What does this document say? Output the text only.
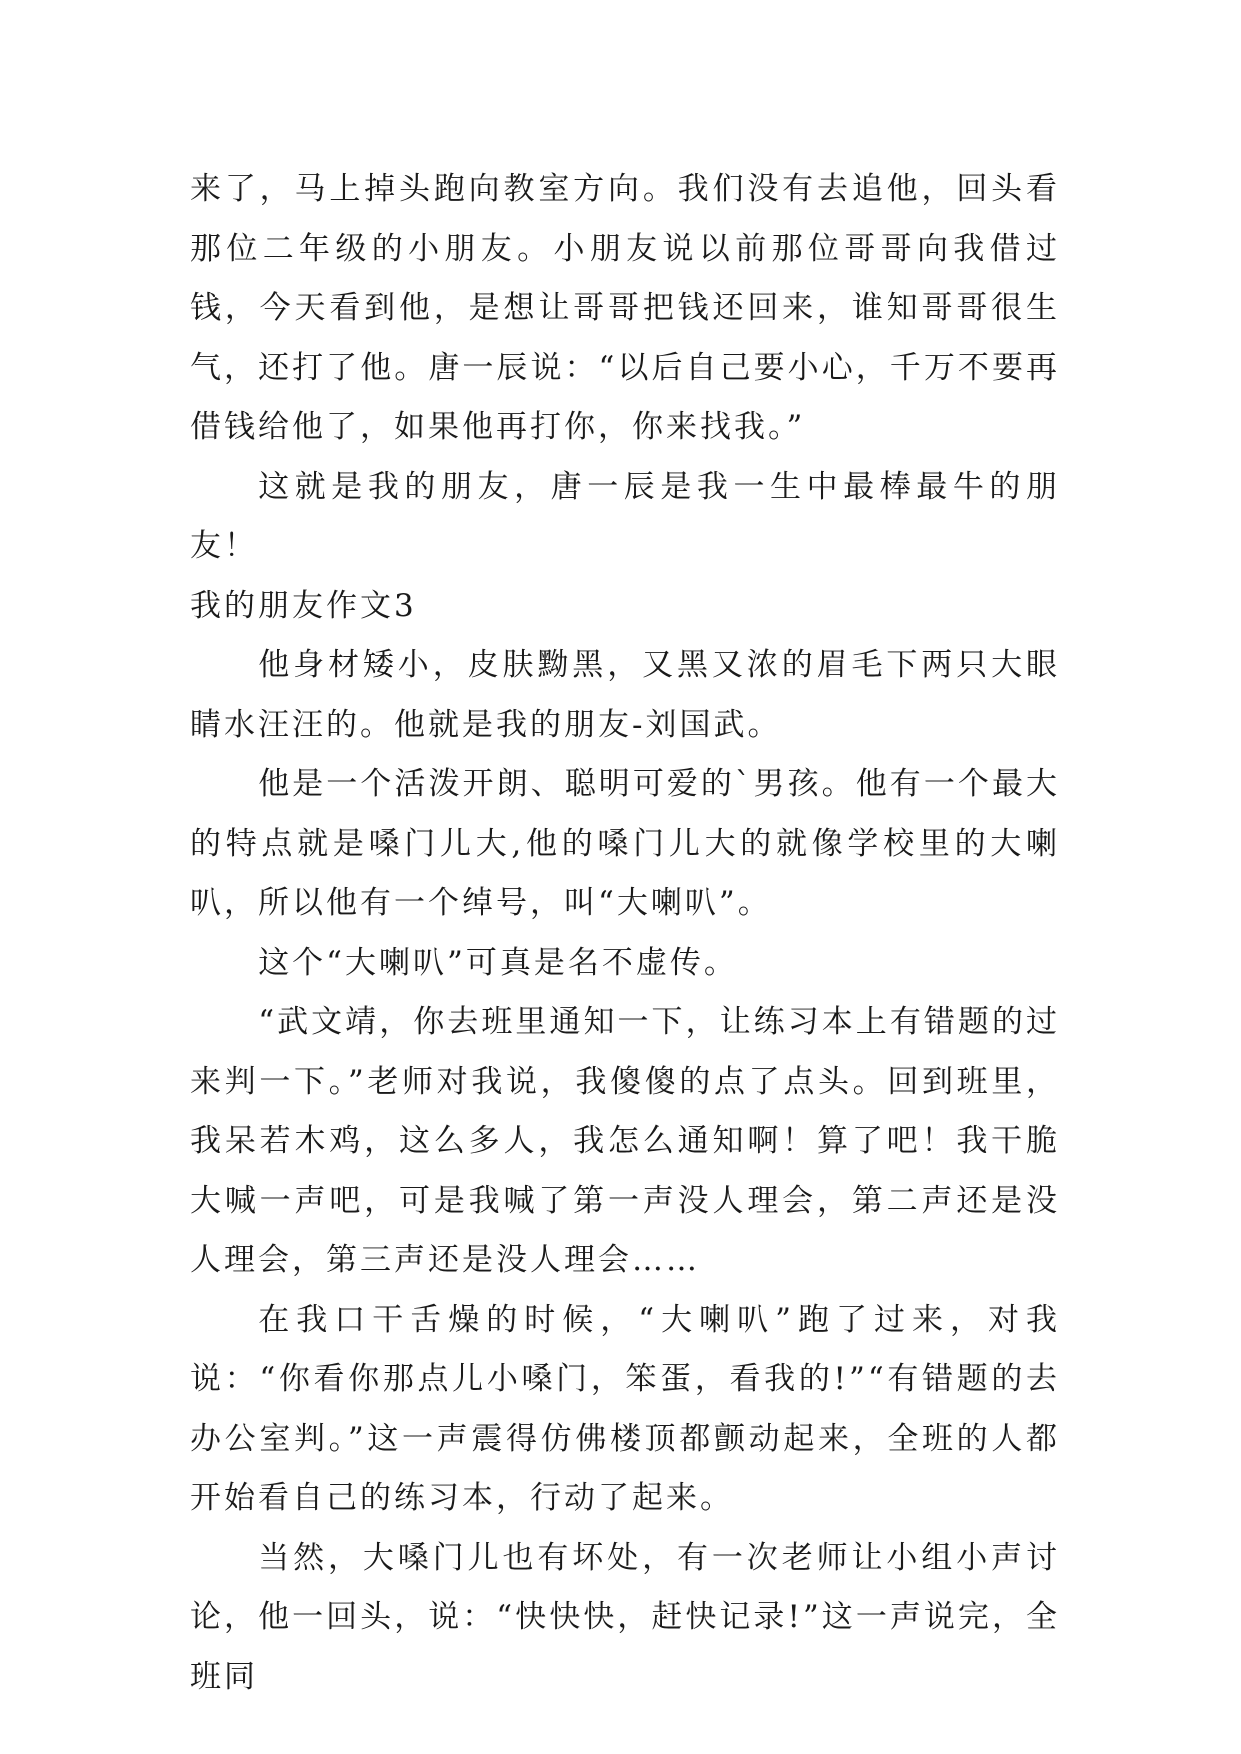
来了，马上掉头跑向教室方向。我们没有去追他，回头看那位二年级的小朋友。小朋友说以前那位哥哥向我借过钱，今天看到他，是想让哥哥把钱还回来，谁知哥哥很生气，还打了他。唐一辰说：“以后自己要小心，千万不要再借钱给他了，如果他再打你，你来找我。”

这就是我的朋友，唐一辰是我一生中最棒最牛的朋友！

我的朋友作文3

他身材矮小，皮肤黝黑，又黑又浓的眉毛下两只大眼睛水汪汪的。他就是我的朋友-刘国武。

他是一个活泼开朗、聪明可爱的`男孩。他有一个最大的特点就是嗓门儿大,他的嗓门儿大的就像学校里的大喇叭，所以他有一个绰号，叫“大喇叭”。

这个“大喇叭”可真是名不虚传。

“武文靖，你去班里通知一下，让练习本上有错题的过来判一下。”老师对我说，我傻傻的点了点头。回到班里，我呆若木鸡，这么多人，我怎么通知啊！算了吧！我干脆大喊一声吧，可是我喊了第一声没人理会，第二声还是没人理会，第三声还是没人理会……

在我口干舌燥的时候，“大喇叭”跑了过来，对我说：“你看你那点儿小嗓门，笨蛋，看我的!”“有错题的去办公室判。”这一声震得仿佛楼顶都颤动起来，全班的人都开始看自己的练习本，行动了起来。

当然，大嗓门儿也有坏处，有一次老师让小组小声讨论，他一回头，说：“快快快，赶快记录!”这一声说完，全班同
